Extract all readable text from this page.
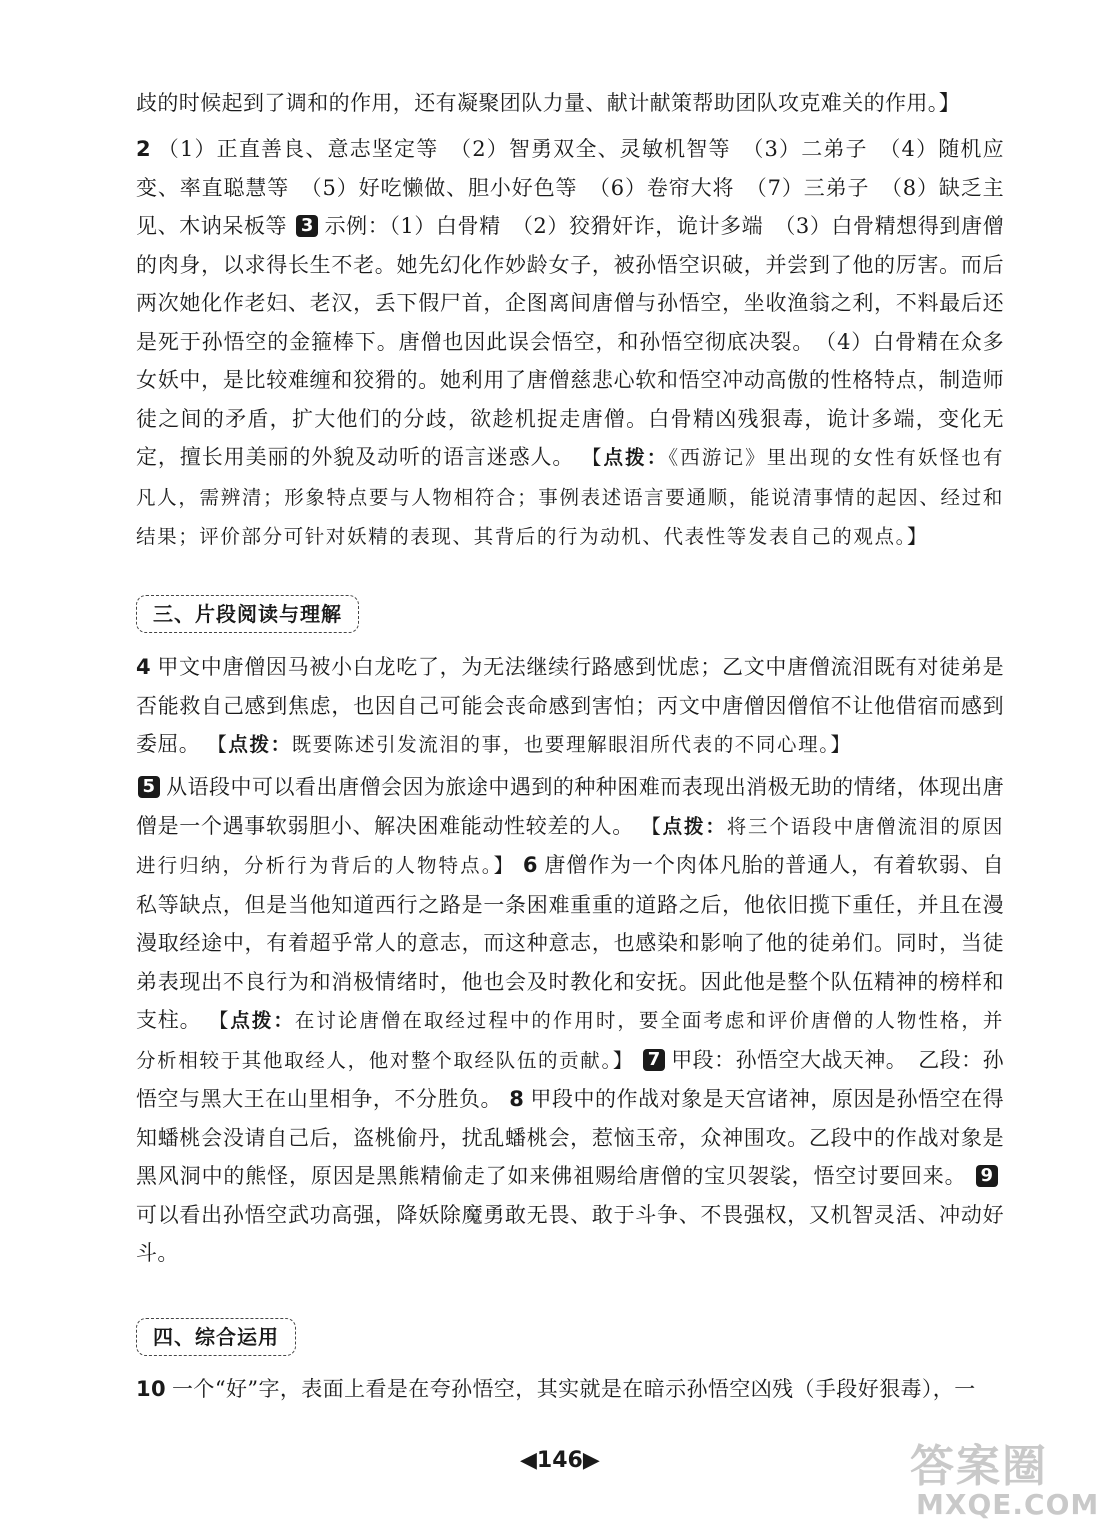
歧的时候起到了调和的作用，还有凝聚团队力量、献计献策帮助团队攻克难关的作用。】
2 （1）正直善良、意志坚定等　（2）智勇双全、灵敏机智等　（3）二弟子　（4）随机应变、率直聪慧等　（5）好吃懒做、胆小好色等　（6）卷帘大将　（7）三弟子　（8）缺乏主见、木讷呆板等 3 示例：（1）白骨精　（2）狡猾奸诈，诡计多端　（3）白骨精想得到唐僧的肉身，以求得长生不老。她先幻化作妙龄女子，被孙悟空识破，并尝到了他的厉害。而后两次她化作老妇、老汉，丢下假尸首，企图离间唐僧与孙悟空，坐收渔翁之利，不料最后还是死于孙悟空的金箍棒下。唐僧也因此误会悟空，和孙悟空彻底决裂。　（4）白骨精在众多女妖中，是比较难缠和狡猾的。她利用了唐僧慈悲心软和悟空冲动高傲的性格特点，制造师徒之间的矛盾，扩大他们的分歧，欲趁机捉走唐僧。白骨精凶残狠毒，诡计多端，变化无定，擅长用美丽的外貌及动听的语言迷惑人。 【点拨：《西游记》里出现的女性有妖怪也有凡人，需辨清；形象特点要与人物相符合；事例表述语言要通顺，能说清事情的起因、经过和结果；评价部分可针对妖精的表现、其背后的行为动机、代表性等发表自己的观点。】
三、片段阅读与理解
4 甲文中唐僧因马被小白龙吃了，为无法继续行路感到忧虑；乙文中唐僧流泪既有对徒弟是否能救自己感到焦虑，也因自己可能会丧命感到害怕；丙文中唐僧因僧倌不让他借宿而感到委屈。 【点拨：既要陈述引发流泪的事，也要理解眼泪所代表的不同心理。】
5 从语段中可以看出唐僧会因为旅途中遇到的种种困难而表现出消极无助的情绪，体现出唐僧是一个遇事软弱胆小、解决困难能动性较差的人。 【点拨：将三个语段中唐僧流泪的原因进行归纳，分析行为背后的人物特点。】 6 唐僧作为一个肉体凡胎的普通人，有着软弱、自私等缺点，但是当他知道西行之路是一条困难重重的道路之后，他依旧揽下重任，并且在漫漫取经途中，有着超乎常人的意志，而这种意志，也感染和影响了他的徒弟们。同时，当徒弟表现出不良行为和消极情绪时，他也会及时教化和安抚。因此他是整个队伍精神的榜样和支柱。 【点拨：在讨论唐僧在取经过程中的作用时，要全面考虑和评价唐僧的人物性格，并分析相较于其他取经人，他对整个取经队伍的贡献。】 7 甲段：孙悟空大战天神。　乙段：孙悟空与黑大王在山里相争，不分胜负。 8 甲段中的作战对象是天宫诸神，原因是孙悟空在得知蟠桃会没请自己后，盗桃偷丹，扰乱蟠桃会，惹恼玉帝，众神围攻。乙段中的作战对象是黑风洞中的熊怪，原因是黑熊精偷走了如来佛祖赐给唐僧的宝贝袈裟，悟空讨要回来。 9可以看出孙悟空武功高强，降妖除魔勇敢无畏、敢于斗争、不畏强权，又机智灵活、冲动好斗。
四、综合运用
10 一个“好”字，表面上看是在夸孙悟空，其实就是在暗示孙悟空凶残（手段好狠毒），一
◀146▶	答案圈
MXQE.COM
